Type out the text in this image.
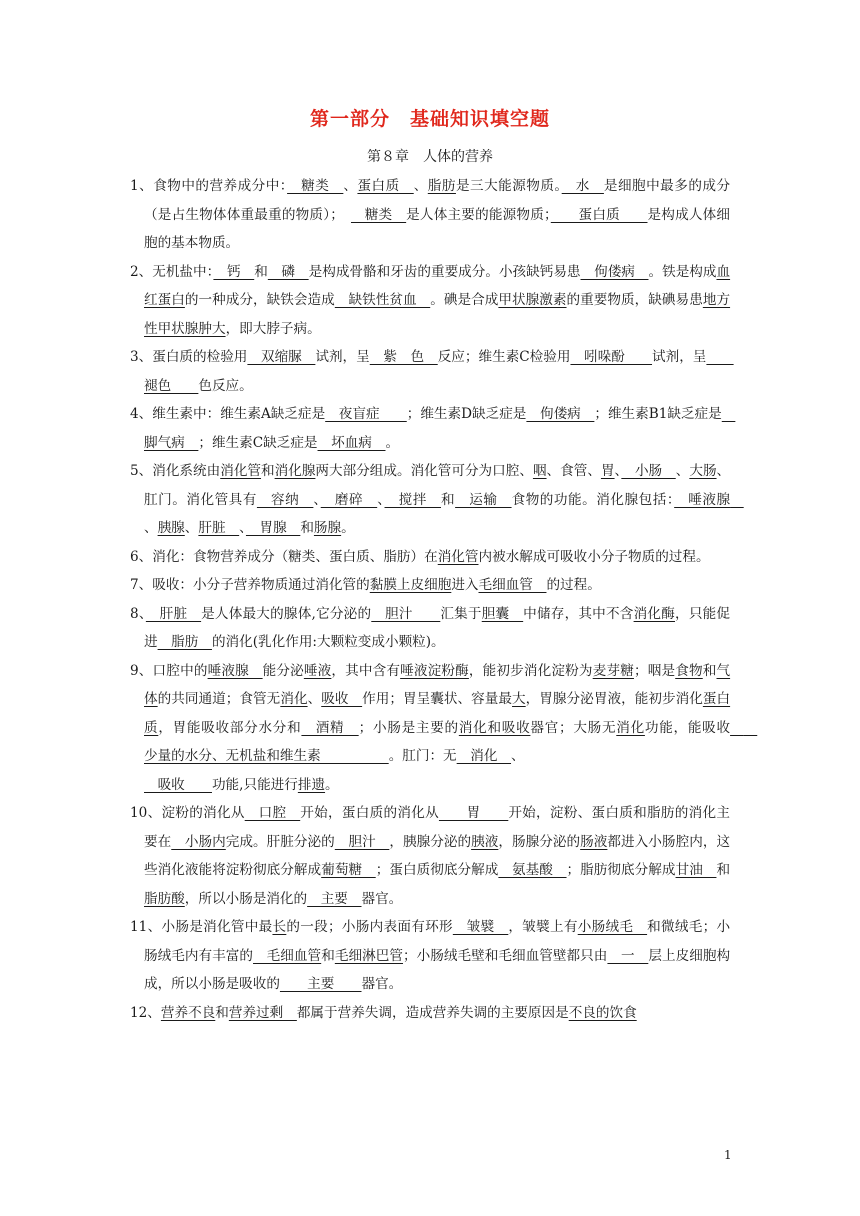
第一部分　基础知识填空题
第８章　人体的营养

1、食物中的营养成分中：　糖类　、蛋白质　、脂肪是三大能源物质。　水　是细胞中最多的成分（是占生物体体重最重的物质）；　　糖类　是人体主要的能源物质；　　蛋白质　　是构成人体细胞的基本物质。

2、无机盐中：　钙　和　磷　是构成骨骼和牙齿的重要成分。小孩缺钙易患　佝偻病　。铁是构成血红蛋白的一种成分，缺铁会造成　缺铁性贫血　。碘是合成甲状腺激素的重要物质，缺碘易患地方性甲状腺肿大，即大脖子病。

3、蛋白质的检验用　双缩脲　试剂，呈　紫　色　反应；维生素C检验用　吲哚酚　　试剂，呈　　褪色　　色反应。

4、维生素中：维生素A缺乏症是　夜盲症　　；维生素D缺乏症是　佝偻病　；维生素B1缺乏症是　脚气病　；维生素C缺乏症是　坏血病　。

5、消化系统由消化管和消化腺两大部分组成。消化管可分为口腔、咽、食管、胃、　小肠　、大肠、肛门。消化管具有　容纳　、　磨碎　、　搅拌　和　运输　食物的功能。消化腺包括：　唾液腺　、胰腺、肝脏　、　胃腺　和肠腺。

6、消化：食物营养成分（糖类、蛋白质、脂肪）在消化管内被水解成可吸收小分子物质的过程。

7、吸收：小分子营养物质通过消化管的黏膜上皮细胞进入毛细血管　的过程。

8、　肝脏　是人体最大的腺体,它分泌的　胆汁　　汇集于胆囊　中储存，其中不含消化酶，只能促进　脂肪　的消化(乳化作用:大颗粒变成小颗粒)。

9、口腔中的唾液腺　能分泌唾液，其中含有唾液淀粉酶，能初步消化淀粉为麦芽糖；咽是食物和气体的共同通道；食管无消化、吸收　作用；胃呈囊状、容量最大，胃腺分泌胃液，能初步消化蛋白质，胃能吸收部分水分和　酒精　；小肠是主要的消化和吸收器官；大肠无消化功能，能吸收　　少量的水分、无机盐和维生素　　　　　。肛门：无　消化　、

　吸收　　功能,只能进行排遗。

10、淀粉的消化从　口腔　开始，蛋白质的消化从　　胃　　开始，淀粉、蛋白质和脂肪的消化主要在　小肠内完成。肝脏分泌的　胆汁　，胰腺分泌的胰液，肠腺分泌的肠液都进入小肠腔内，这些消化液能将淀粉彻底分解成葡萄糖　；蛋白质彻底分解成　氨基酸　；脂肪彻底分解成甘油　和脂肪酸，所以小肠是消化的　主要　器官。

11、小肠是消化管中最长的一段；小肠内表面有环形　皱襞　，皱襞上有小肠绒毛　和微绒毛；小肠绒毛内有丰富的　毛细血管和毛细淋巴管；小肠绒毛壁和毛细血管壁都只由　一　层上皮细胞构成，所以小肠是吸收的　　主要　　器官。

12、营养不良和营养过剩　都属于营养失调，造成营养失调的主要原因是不良的饮食

1
